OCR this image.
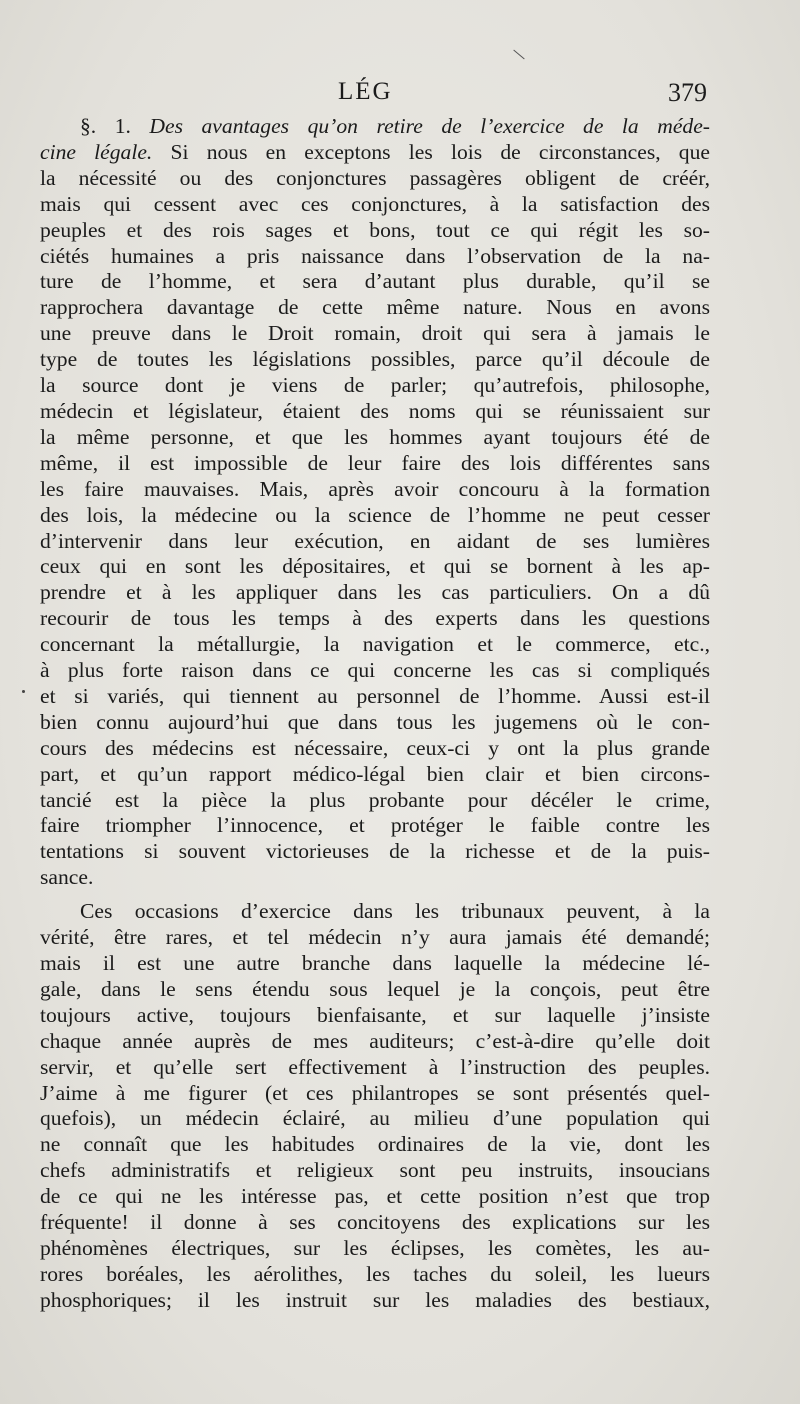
LÉG	379
§. 1. Des avantages qu’on retire de l’exercice de la méde-
cine légale. Si nous en exceptons les lois de circonstances, que
la nécessité ou des conjonctures passagères obligent de créér,
mais qui cessent avec ces conjonctures, à la satisfaction des
peuples et des rois sages et bons, tout ce qui régit les so-
ciétés humaines a pris naissance dans l’observation de la na-
ture de l’homme, et sera d’autant plus durable, qu’il se
rapprochera davantage de cette même nature. Nous en avons
une preuve dans le Droit romain, droit qui sera à jamais le
type de toutes les législations possibles, parce qu’il découle de
la source dont je viens de parler; qu’autrefois, philosophe,
médecin et législateur, étaient des noms qui se réunissaient sur
la même personne, et que les hommes ayant toujours été de
même, il est impossible de leur faire des lois différentes sans
les faire mauvaises. Mais, après avoir concouru à la formation
des lois, la médecine ou la science de l’homme ne peut cesser
d’intervenir dans leur exécution, en aidant de ses lumières
ceux qui en sont les dépositaires, et qui se bornent à les ap-
prendre et à les appliquer dans les cas particuliers. On a dû
recourir de tous les temps à des experts dans les questions
concernant la métallurgie, la navigation et le commerce, etc.,
à plus forte raison dans ce qui concerne les cas si compliqués
et si variés, qui tiennent au personnel de l’homme. Aussi est-il
bien connu aujourd’hui que dans tous les jugemens où le con-
cours des médecins est nécessaire, ceux-ci y ont la plus grande
part, et qu’un rapport médico-légal bien clair et bien circons-
tancié est la pièce la plus probante pour décéler le crime,
faire triompher l’innocence, et protéger le faible contre les
tentations si souvent victorieuses de la richesse et de la puis-
sance.
Ces occasions d’exercice dans les tribunaux peuvent, à la
vérité, être rares, et tel médecin n’y aura jamais été demandé;
mais il est une autre branche dans laquelle la médecine lé-
gale, dans le sens étendu sous lequel je la conçois, peut être
toujours active, toujours bienfaisante, et sur laquelle j’insiste
chaque année auprès de mes auditeurs; c’est-à-dire qu’elle doit
servir, et qu’elle sert effectivement à l’instruction des peuples.
J’aime à me figurer (et ces philantropes se sont présentés quel-
quefois), un médecin éclairé, au milieu d’une population qui
ne connaît que les habitudes ordinaires de la vie, dont les
chefs administratifs et religieux sont peu instruits, insoucians
de ce qui ne les intéresse pas, et cette position n’est que trop
fréquente! il donne à ses concitoyens des explications sur les
phénomènes électriques, sur les éclipses, les comètes, les au-
rores boréales, les aérolithes, les taches du soleil, les lueurs
phosphoriques; il les instruit sur les maladies des bestiaux,
